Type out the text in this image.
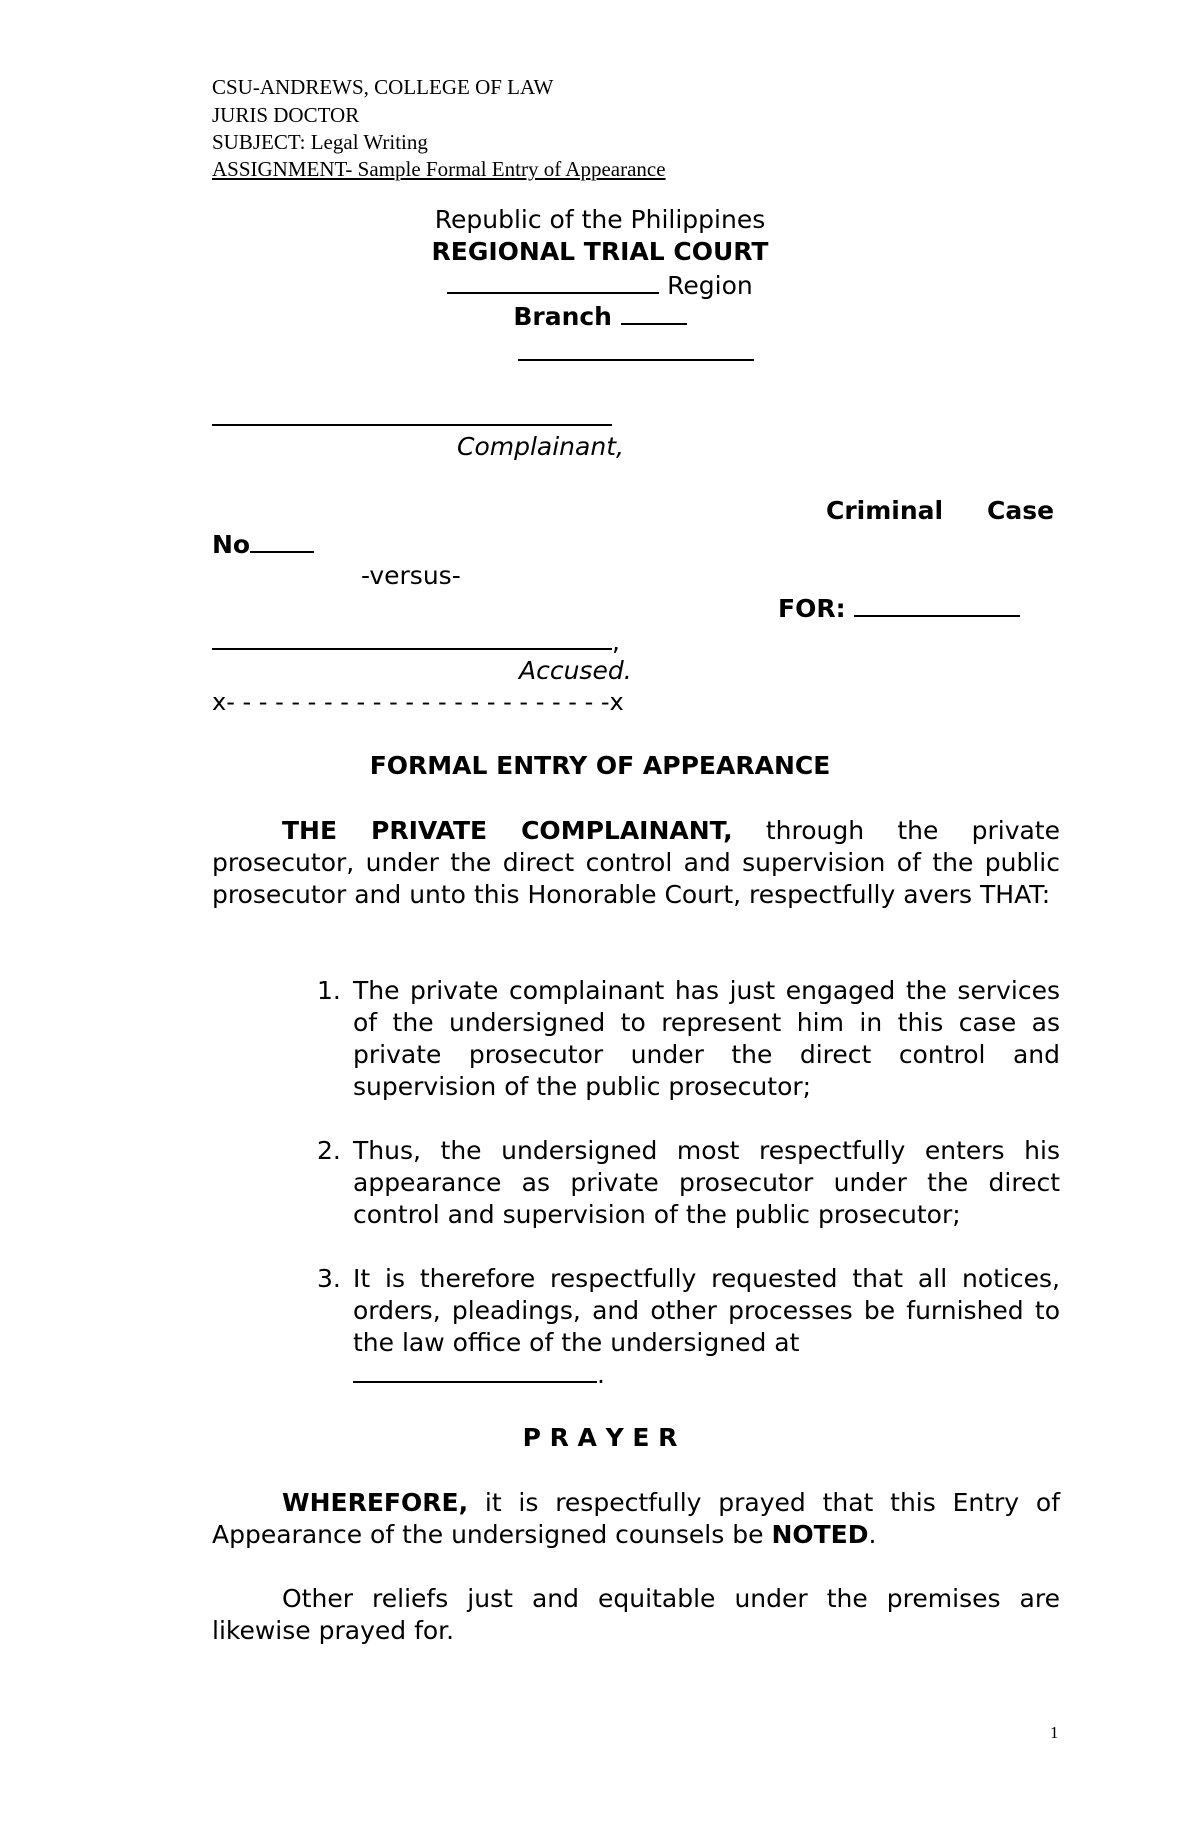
CSU-ANDREWS, COLLEGE OF LAW
JURIS DOCTOR
SUBJECT: Legal Writing
ASSIGNMENT- Sample Formal Entry of Appearance
Republic of the Philippines
REGIONAL TRIAL COURT
Region
Branch
Complainant,
Criminal Case
No
-versus-
FOR:
,
Accused.
x- - - - - - - - - - - - - - - - - - - - - - - -x
FORMAL ENTRY OF APPEARANCE
THE PRIVATE COMPLAINANT, through the private prosecutor, under the direct control and supervision of the public prosecutor and unto this Honorable Court, respectfully avers THAT:
1. The private complainant has just engaged the services of the undersigned to represent him in this case as private prosecutor under the direct control and supervision of the public prosecutor;
2. Thus, the undersigned most respectfully enters his appearance as private prosecutor under the direct control and supervision of the public prosecutor;
3. It is therefore respectfully requested that all notices, orders, pleadings, and other processes be furnished to the law office of the undersigned at
.
P R A Y E R
WHEREFORE, it is respectfully prayed that this Entry of Appearance of the undersigned counsels be NOTED.
Other reliefs just and equitable under the premises are likewise prayed for.
1
